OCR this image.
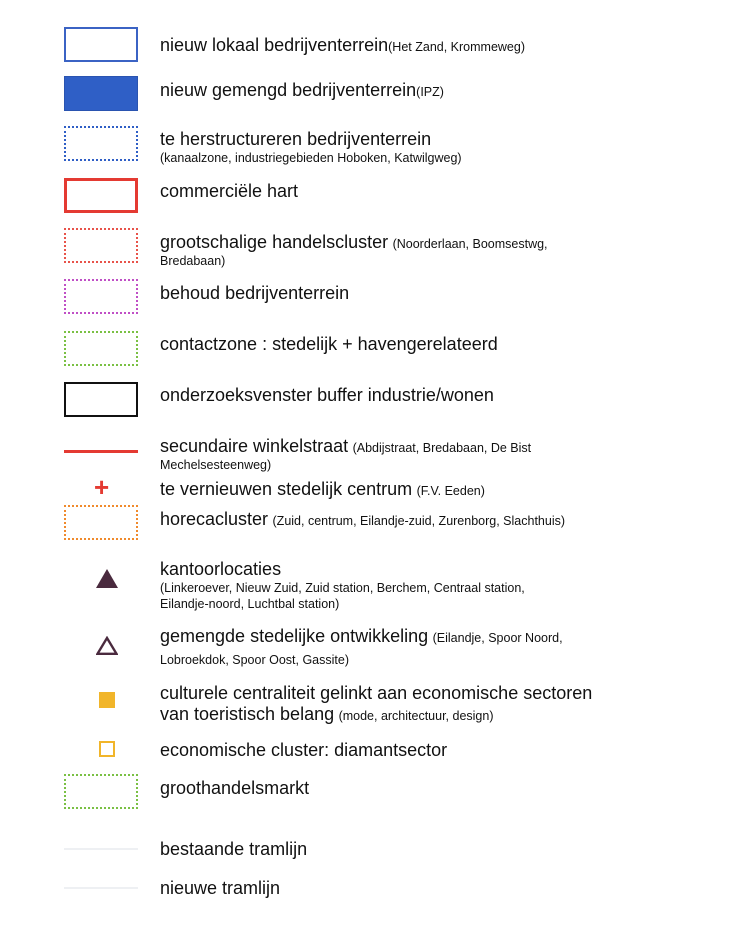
nieuw lokaal bedrijventerrein(Het Zand, Krommeweg)
nieuw gemengd bedrijventerrein(IPZ)
te herstructureren bedrijventerrein
(kanaalzone, industriegebieden Hoboken, Katwilgweg)
commerciële hart
grootschalige handelscluster (Noorderlaan, Boomsestwg,
Bredabaan)
behoud bedrijventerrein
contactzone : stedelijk + havengerelateerd
onderzoeksvenster buffer industrie/wonen
secundaire winkelstraat (Abdijstraat, Bredabaan, De Bist
Mechelsesteenweg)
+	te vernieuwen stedelijk centrum (F.V. Eeden)
horecacluster (Zuid, centrum, Eilandje-zuid, Zurenborg, Slachthuis)
kantoorlocaties
(Linkeroever, Nieuw Zuid, Zuid station, Berchem, Centraal station,
Eilandje-noord, Luchtbal station)
gemengde stedelijke ontwikkeling (Eilandje, Spoor Noord,
Lobroekdok, Spoor Oost, Gassite)
culturele centraliteit gelinkt aan economische sectoren
van toeristisch belang (mode, architectuur, design)
economische cluster: diamantsector
groothandelsmarkt
bestaande tramlijn
nieuwe tramlijn
